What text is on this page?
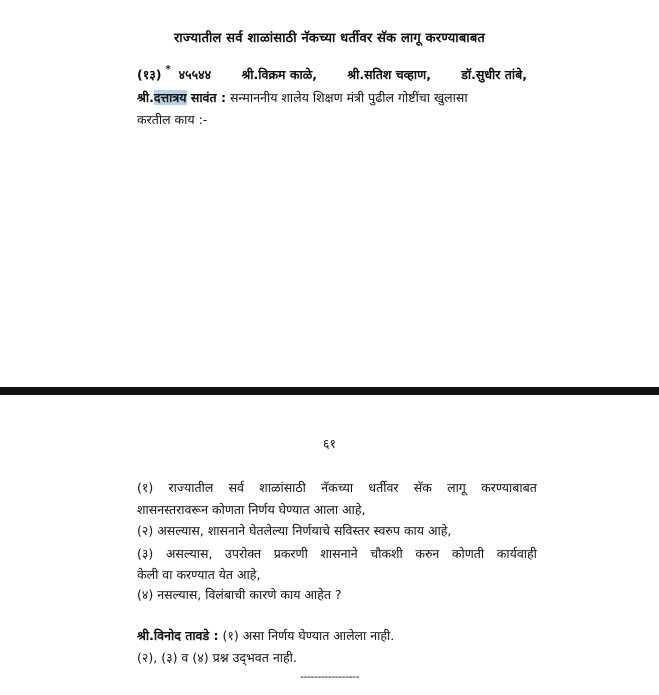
राज्यातील सर्व शाळांसाठी नॅकच्या धर्तीवर सॅक लागू करण्याबाबत
(१३) * ४५५४४ श्री.विक्रम काळे, श्री.सतिश चव्हाण, डॉ.सुधीर तांबे,
श्री.दत्तात्रय सावंत : सन्माननीय शालेय शिक्षण मंत्री पुढील गोष्टींचा खुलासा
करतील काय :-
६१
(१) राज्यातील सर्व शाळांसाठी नॅकच्या धर्तीवर सॅक लागू करण्याबाबत
शासनस्तरावरून कोणता निर्णय घेण्यात आला आहे,
(२) असल्यास, शासनाने घेतलेल्या निर्णयाचे सविस्तर स्वरुप काय आहे,
(३) असल्यास, उपरोक्त प्रकरणी शासनाने चौकशी करुन कोणती कार्यवाही
केली वा करण्यात येत आहे,
(४) नसल्यास, विलंबाची कारणे काय आहेत ?
श्री.विनोद तावडे : (१) असा निर्णय घेण्यात आलेला नाही.
(२), (३) व (४) प्रश्न उद्‌भवत नाही.
-----------------
